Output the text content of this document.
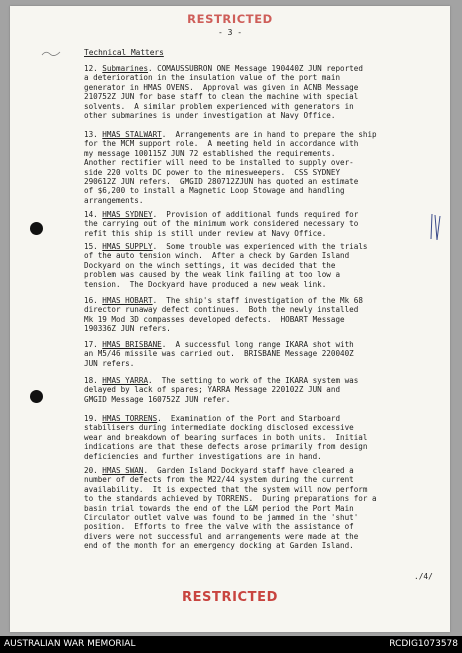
RESTRICTED
- 3 -
Technical Matters
12. Submarines. COMAUSSUBRON ONE Message 190440Z JUN reported
a deterioration in the insulation value of the port main
generator in HMAS OVENS.  Approval was given in ACNB Message
210752Z JUN for base staff to clean the machine with special
solvents.  A similar problem experienced with generators in
other submarines is under investigation at Navy Office.
13. HMAS STALWART.  Arrangements are in hand to prepare the ship
for the MCM support role.  A meeting held in accordance with
my message 100115Z JUN 72 established the requirements.
Another rectifier will need to be installed to supply over-
side 220 volts DC power to the minesweepers.  CSS SYDNEY
290612Z JUN refers.  GMGID 280712ZJUN has quoted an estimate
of $6,200 to install a Magnetic Loop Stowage and handling
arrangements.
14. HMAS SYDNEY.  Provision of additional funds required for
the carrying out of the minimum work considered necessary to
refit this ship is still under review at Navy Office.
15. HMAS SUPPLY.  Some trouble was experienced with the trials
of the auto tension winch.  After a check by Garden Island
Dockyard on the winch settings, it was decided that the
problem was caused by the weak link failing at too low a
tension.  The Dockyard have produced a new weak link.
16. HMAS HOBART.  The ship's staff investigation of the Mk 68
director runaway defect continues.  Both the newly installed
Mk 19 Mod 3D compasses developed defects.  HOBART Message
190336Z JUN refers.
17. HMAS BRISBANE.  A successful long range IKARA shot with
an M5/46 missile was carried out.  BRISBANE Message 220040Z
JUN refers.
18. HMAS YARRA.  The setting to work of the IKARA system was
delayed by lack of spares; YARRA Message 220102Z JUN and
GMGID Message 160752Z JUN refer.
19. HMAS TORRENS.  Examination of the Port and Starboard
stabilisers during intermediate docking disclosed excessive
wear and breakdown of bearing surfaces in both units.  Initial
indications are that these defects arose primarily from design
deficiencies and further investigations are in hand.
20. HMAS SWAN.  Garden Island Dockyard staff have cleared a
number of defects from the M22/44 system during the current
availability.  It is expected that the system will now perform
to the standards achieved by TORRENS.  During preparations for a
basin trial towards the end of the L&M period the Port Main
Circulator outlet valve was found to be jammed in the 'shut'
position.  Efforts to free the valve with the assistance of
divers were not successful and arrangements were made at the
end of the month for an emergency docking at Garden Island.
./4/
RESTRICTED
AUSTRALIAN WAR MEMORIAL	RCDIG1073578
